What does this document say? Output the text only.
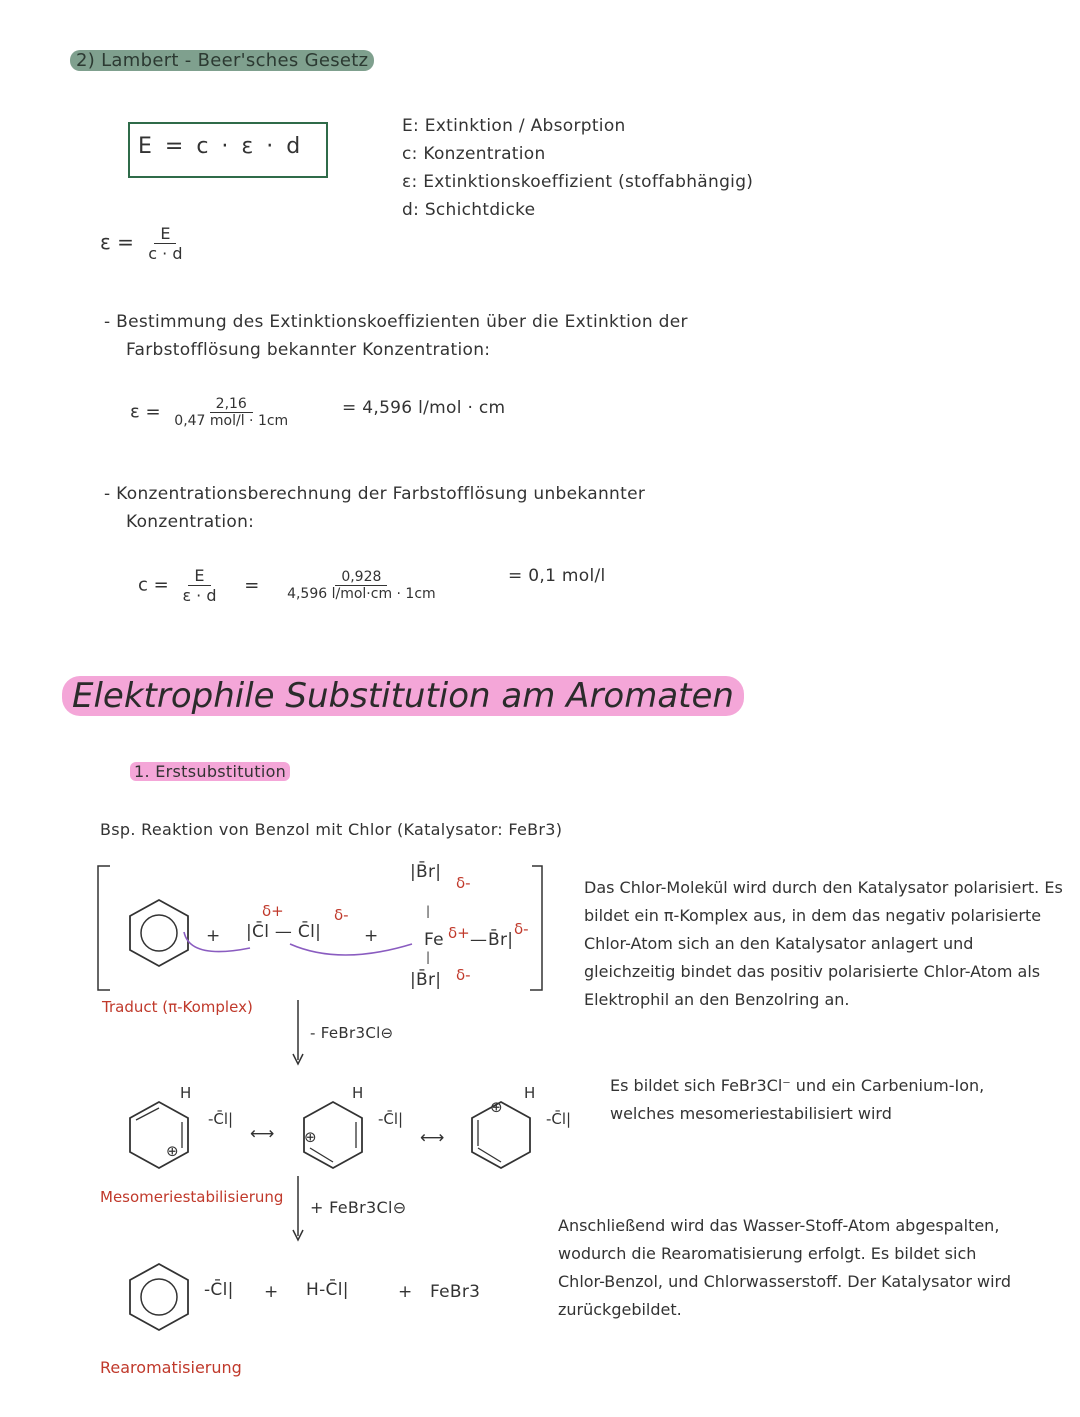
2) Lambert - Beer'sches Gesetz
E = c · ε · d
E: Extinktion / Absorption
c: Konzentration
ε: Extinktionskoeffizient (stoffabhängig)
d: Schichtdicke
$\varepsilon = \frac{E}{c \cdot d}$
- Bestimmung des Extinktionskoeffizienten über die Extinktion der
Farbstofflösung bekannter Konzentration:
$\varepsilon = \frac{2,16}{\text{0,47 mol/l · 1cm}}$	= 4,596 l/mol · cm
- Konzentrationsberechnung der Farbstofflösung unbekannter
Konzentration:
$c = \frac{E}{\varepsilon \cdot d} = \frac{0,928}{\text{4,596 l/mol·cm · 1cm}}$	= 0,1 mol/l
Elektrophile Substitution am Aromaten
1. Erstsubstitution
Bsp. Reaktion von Benzol mit Chlor (Katalysator: FeBr3)
+ |C̄l — C̄l|
δ+	δ-
+
|B̄r|
δ-
|
Fe δ+ — B̄r|
δ-
|
|B̄r| δ-
Traduct (π-Komplex)
- FeBr3Cl⊖
H
⊕
-C̄l|
⟷
H
⊕
-C̄l|
⟷
H
⊕
-C̄l|
Mesomeriestabilisierung
+ FeBr3Cl⊖
-C̄l| + H-C̄l|	+ FeBr3
Rearomatisierung
Das Chlor-Molekül wird durch den Katalysator polarisiert. Es bildet ein π-Komplex aus, in dem das negativ polarisierte Chlor-Atom sich an den Katalysator anlagert und gleichzeitig bindet das positiv polarisierte Chlor-Atom als Elektrophil an den Benzolring an.
Es bildet sich FeBr3Cl⁻ und ein Carbenium-Ion, welches mesomeriestabilisiert wird
Anschließend wird das Wasser-Stoff-Atom abgespalten, wodurch die Rearomatisierung erfolgt. Es bildet sich Chlor-Benzol, und Chlorwasserstoff. Der Katalysator wird zurückgebildet.
